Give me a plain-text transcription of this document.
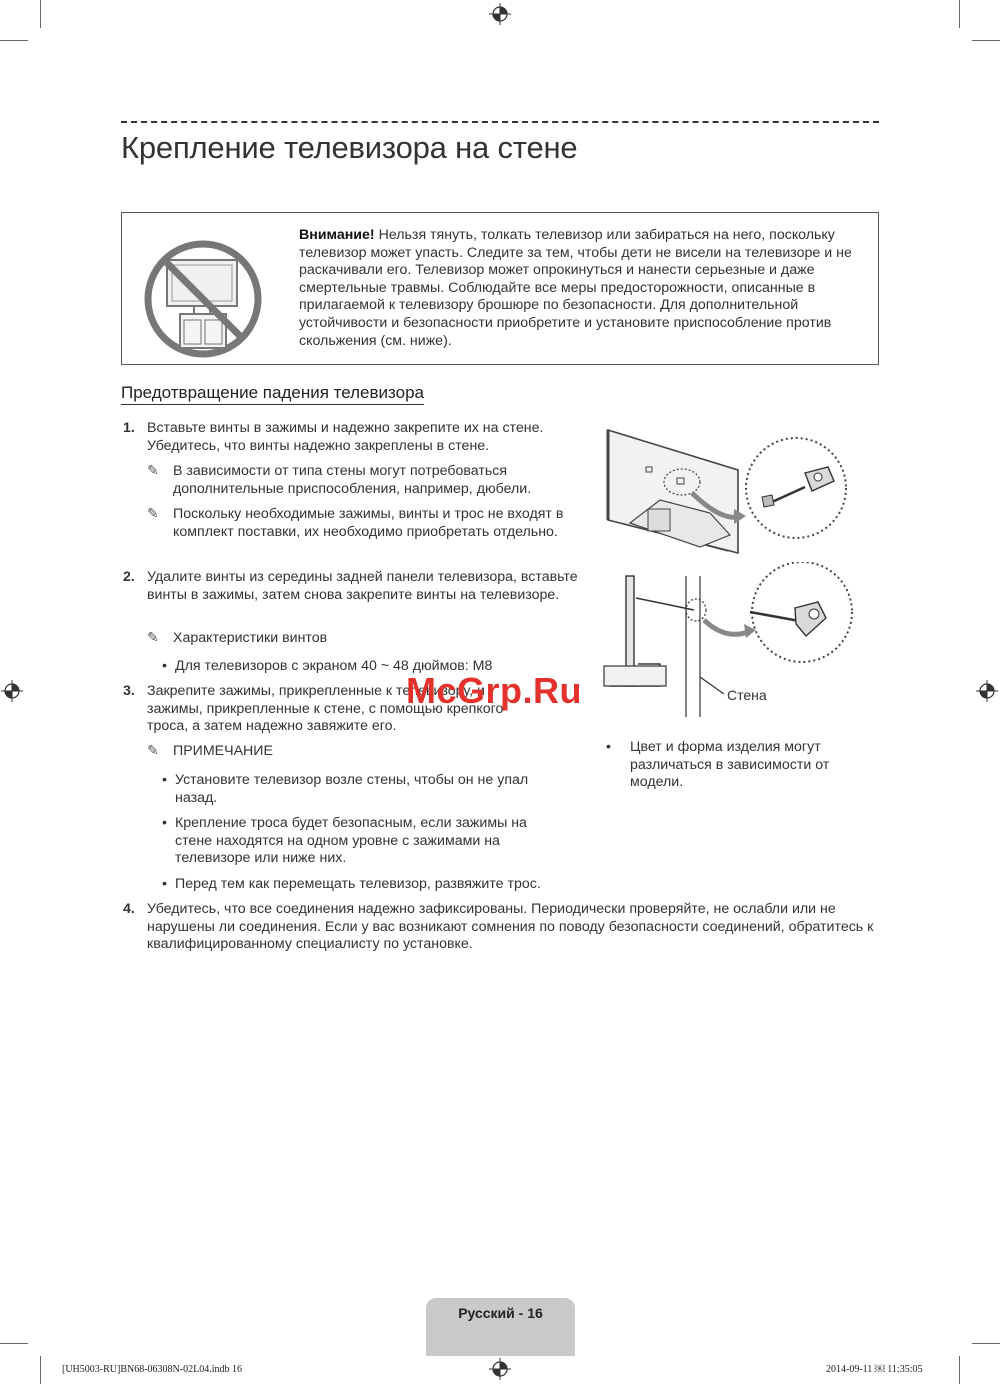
Крепление телевизора на стене
Внимание! Нельзя тянуть, толкать телевизор или забираться на него, поскольку телевизор может упасть. Следите за тем, чтобы дети не висели на телевизоре и не раскачивали его. Телевизор может опрокинуться и нанести серьезные и даже смертельные травмы. Соблюдайте все меры предосторожности, описанные в прилагаемой к телевизору брошюре по безопасности. Для дополнительной устойчивости и безопасности приобретите и установите приспособление против скольжения (см. ниже).
Предотвращение падения телевизора
1. Вставьте винты в зажимы и надежно закрепите их на стене. Убедитесь, что винты надежно закреплены в стене.
✎ В зависимости от типа стены могут потребоваться дополнительные приспособления, например, дюбели.
✎ Поскольку необходимые зажимы, винты и трос не входят в комплект поставки, их необходимо приобретать отдельно.
2. Удалите винты из середины задней панели телевизора, вставьте винты в зажимы, затем снова закрепите винты на телевизоре.
✎ Характеристики винтов
• Для телевизоров с экраном 40 ~ 48 дюймов: M8
3. Закрепите зажимы, прикрепленные к телевизору, и зажимы, прикрепленные к стене, с помощью крепкого троса, а затем надежно завяжите его.
✎ ПРИМЕЧАНИЕ
• Установите телевизор возле стены, чтобы он не упал назад.
• Крепление троса будет безопасным, если зажимы на стене находятся на одном уровне с зажимами на телевизоре или ниже них.
• Перед тем как перемещать телевизор, развяжите трос.
4. Убедитесь, что все соединения надежно зафиксированы. Периодически проверяйте, не ослабли или не нарушены ли соединения. Если у вас возникают сомнения по поводу безопасности соединений, обратитесь к квалифицированному специалисту по установке.
Стена
• Цвет и форма изделия могут различаться в зависимости от модели.
McGrp.Ru
Русский - 16
[UH5003-RU]BN68-06308N-02L04.indb 16	2014-09-11 ￼ 11:35:05
